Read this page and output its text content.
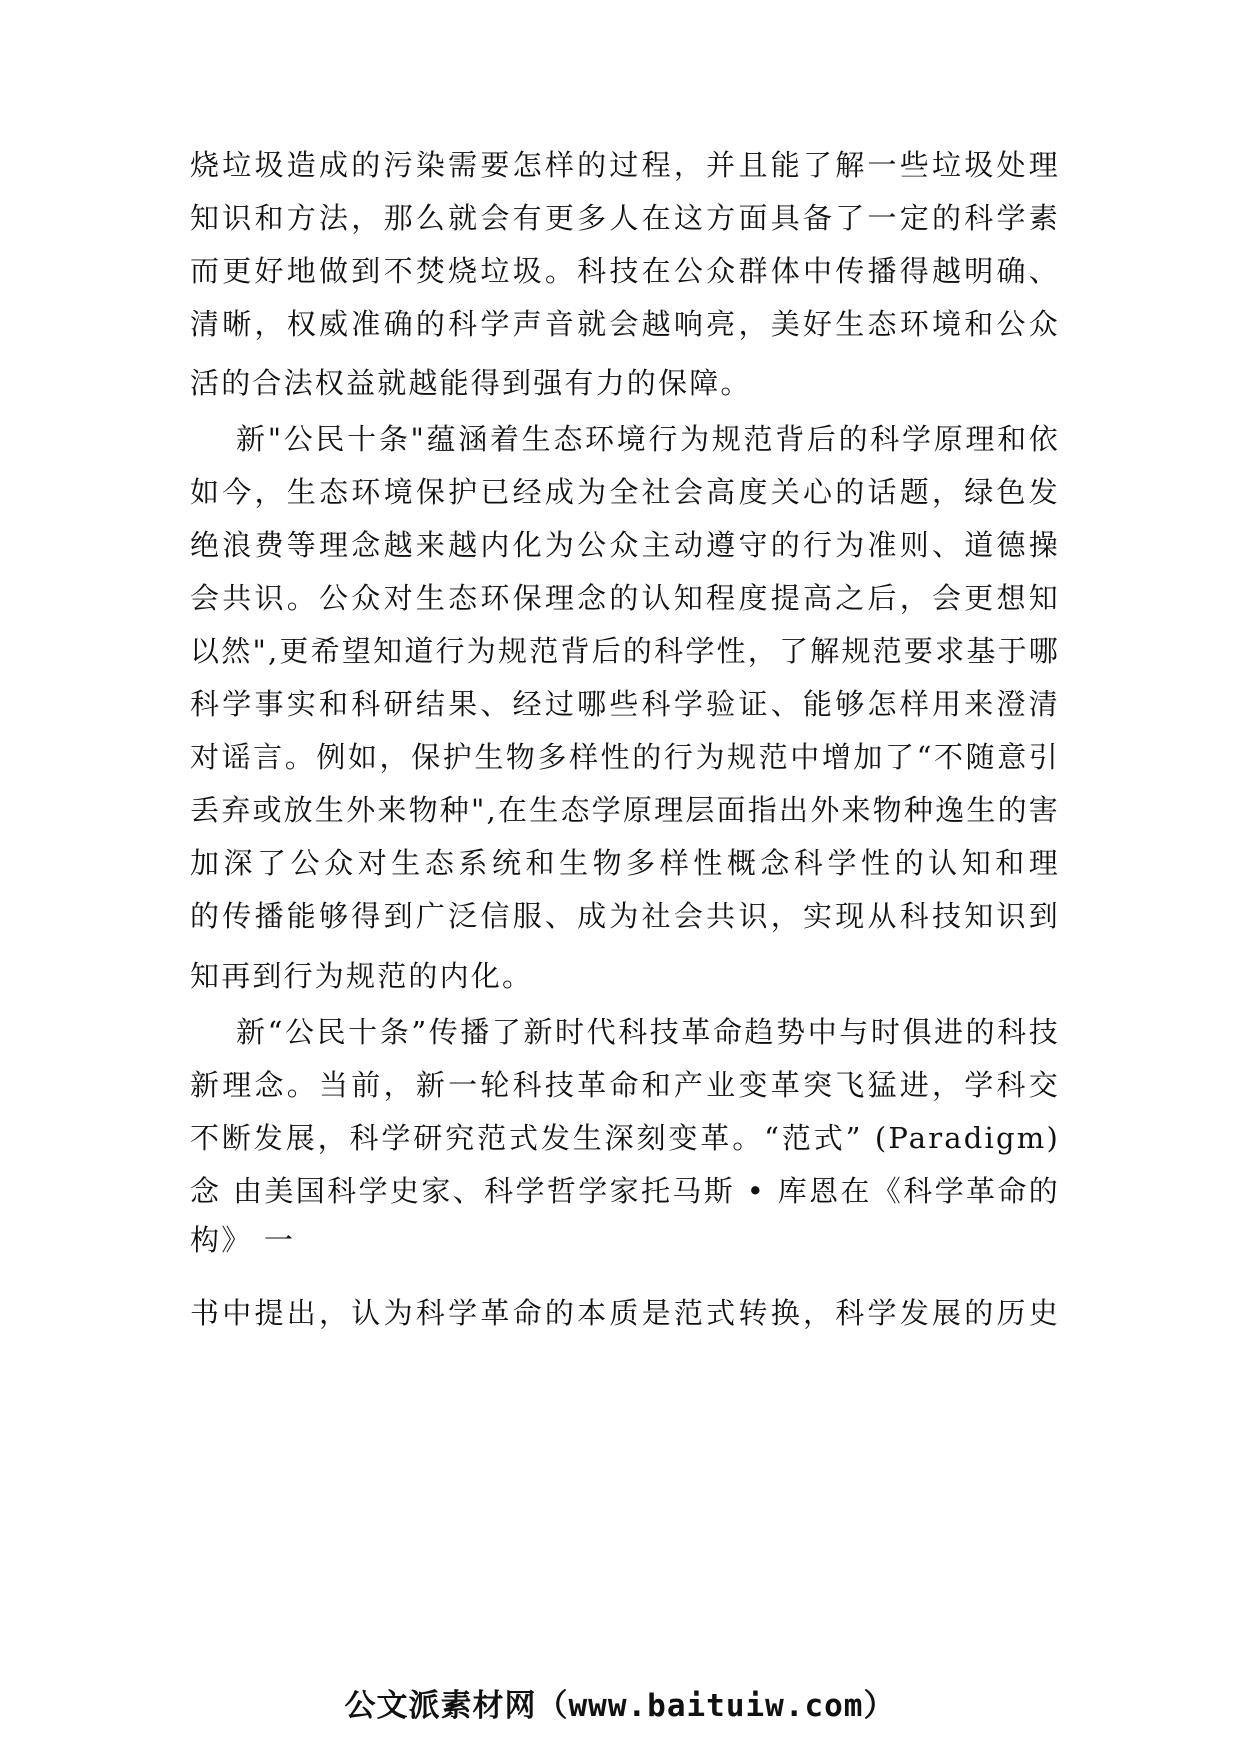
烧垃圾造成的污染需要怎样的过程，并且能了解一些垃圾处理
知识和方法，那么就会有更多人在这方面具备了一定的科学素
而更好地做到不焚烧垃圾。科技在公众群体中传播得越明确、
清晰，权威准确的科学声音就会越响亮，美好生态环境和公众
活的合法权益就越能得到强有力的保障。
新"公民十条"蕴涵着生态环境行为规范背后的科学原理和依
如今，生态环境保护已经成为全社会高度关心的话题，绿色发
绝浪费等理念越来越内化为公众主动遵守的行为准则、道德操
会共识。公众对生态环保理念的认知程度提高之后，会更想知
以然",更希望知道行为规范背后的科学性，了解规范要求基于哪
科学事实和科研结果、经过哪些科学验证、能够怎样用来澄清
对谣言。例如，保护生物多样性的行为规范中增加了“不随意引
丢弃或放生外来物种",在生态学原理层面指出外来物种逸生的害
加深了公众对生态系统和生物多样性概念科学性的认知和理
的传播能够得到广泛信服、成为社会共识，实现从科技知识到
知再到行为规范的内化。
新“公民十条”传播了新时代科技革命趋势中与时俱进的科技
新理念。当前，新一轮科技革命和产业变革突飞猛进，学科交
不断发展，科学研究范式发生深刻变革。“范式” (Paradigm)
念 由美国科学史家、科学哲学家托马斯 • 库恩在《科学革命的
构》 一
书中提出，认为科学革命的本质是范式转换，科学发展的历史
公文派素材网（www.baituiw.com）
